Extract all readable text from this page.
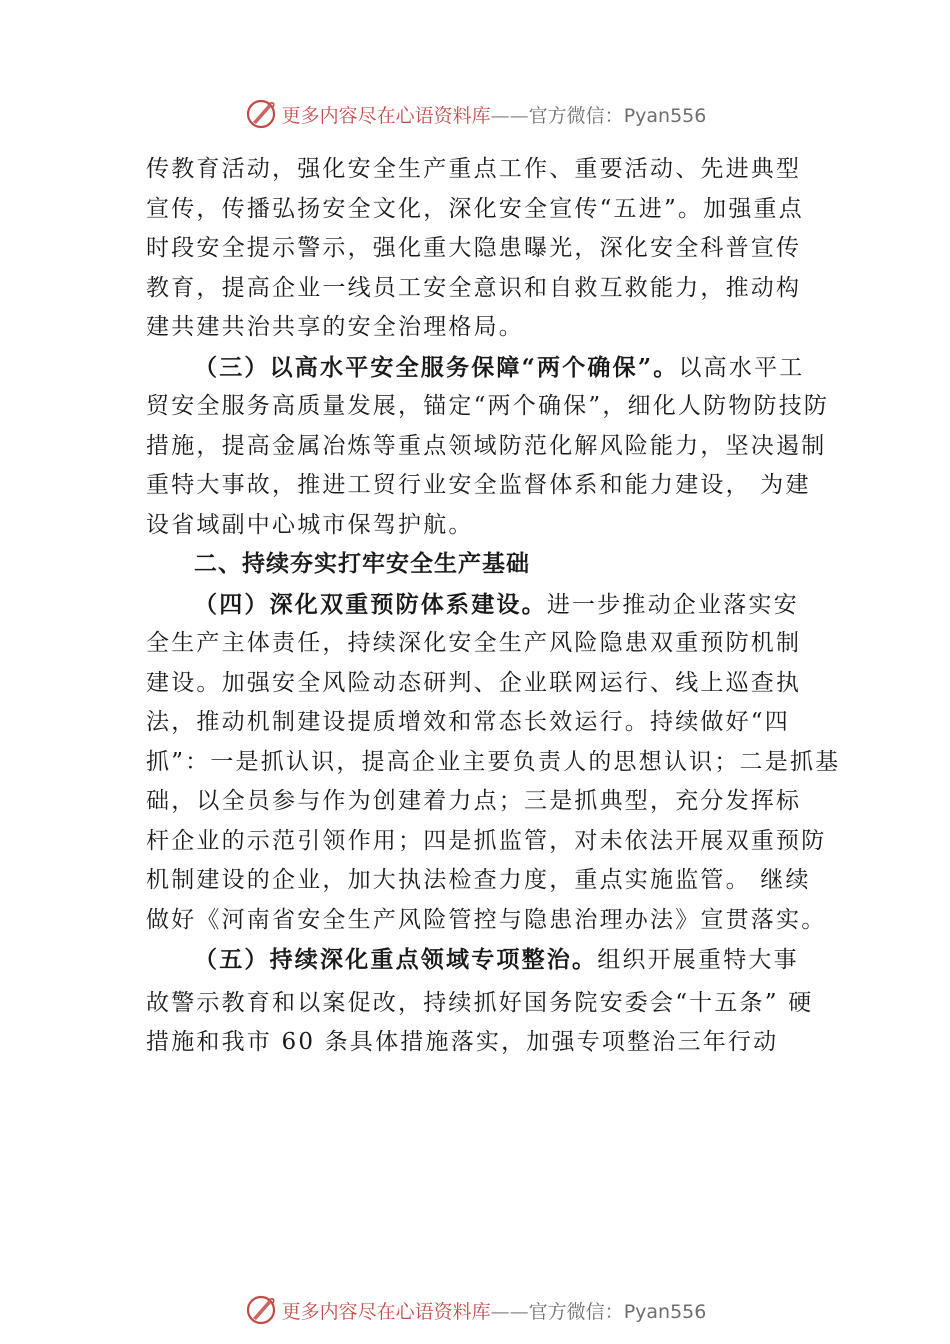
更多内容尽在心语资料库——官方微信：Pyan556
传教育活动，强化安全生产重点工作、重要活动、先进典型
宣传，传播弘扬安全文化，深化安全宣传“五进”。加强重点
时段安全提示警示，强化重大隐患曝光，深化安全科普宣传
教育，提高企业一线员工安全意识和自救互救能力，推动构
建共建共治共享的安全治理格局。
（三）以高水平安全服务保障“两个确保”。以高水平工
贸安全服务高质量发展，锚定“两个确保”，细化人防物防技防
措施，提高金属冶炼等重点领域防范化解风险能力，坚决遏制
重特大事故，推进工贸行业安全监督体系和能力建设， 为建
设省域副中心城市保驾护航。
二、持续夯实打牢安全生产基础
（四）深化双重预防体系建设。进一步推动企业落实安
全生产主体责任，持续深化安全生产风险隐患双重预防机制
建设。加强安全风险动态研判、企业联网运行、线上巡查执
法，推动机制建设提质增效和常态长效运行。持续做好“四
抓”：一是抓认识，提高企业主要负责人的思想认识；二是抓基
础，以全员参与作为创建着力点；三是抓典型，充分发挥标
杆企业的示范引领作用；四是抓监管，对未依法开展双重预防
机制建设的企业，加大执法检查力度，重点实施监管。 继续
做好《河南省安全生产风险管控与隐患治理办法》宣贯落实。
（五）持续深化重点领域专项整治。组织开展重特大事
故警示教育和以案促改，持续抓好国务院安委会“十五条” 硬
措施和我市 60 条具体措施落实，加强专项整治三年行动
更多内容尽在心语资料库——官方微信：Pyan556
